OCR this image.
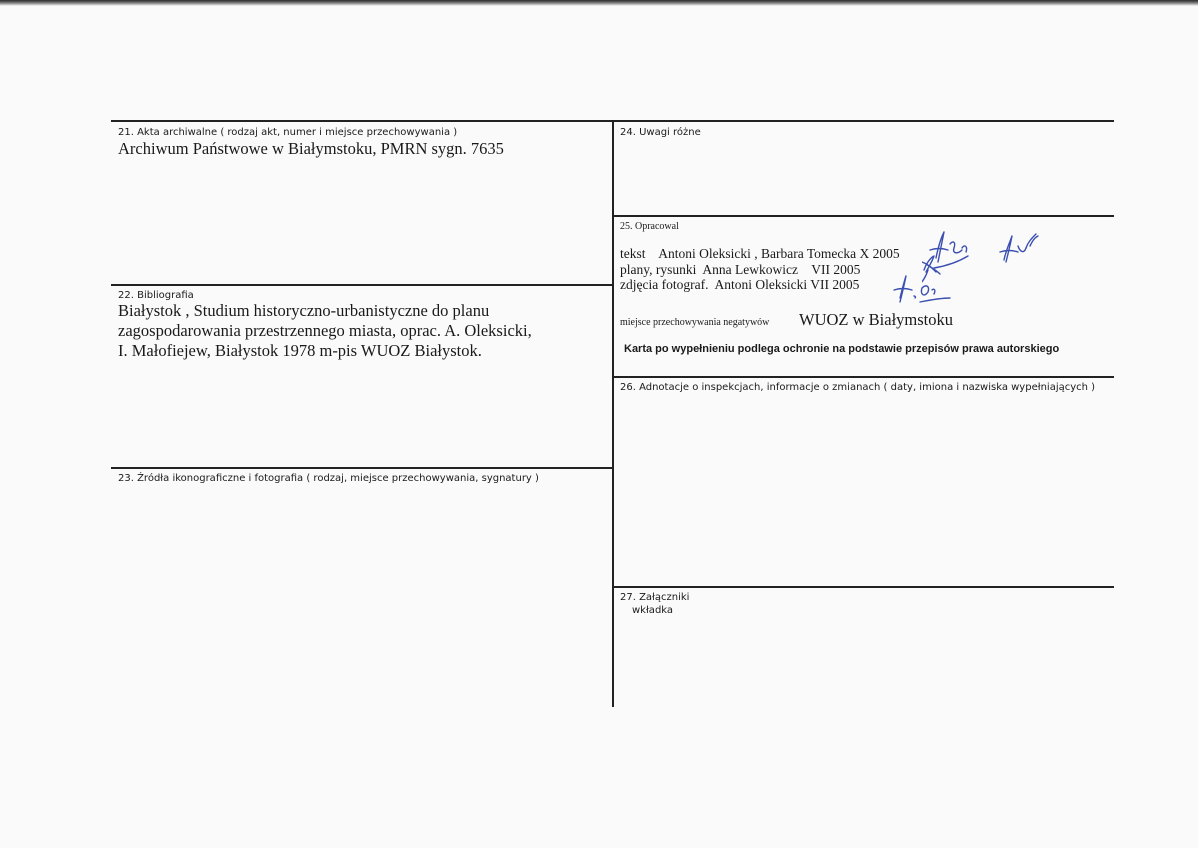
21. Akta archiwalne ( rodzaj akt, numer i miejsce przechowywania )
Archiwum Państwowe w Białymstoku, PMRN sygn. 7635
22. Bibliografia
Białystok , Studium historyczno-urbanistyczne do planu
zagospodarowania przestrzennego miasta, oprac. A. Oleksicki,
I. Małofiejew, Białystok 1978 m-pis WUOZ Białystok.
23. Źródła ikonograficzne i fotografia ( rodzaj, miejsce przechowywania, sygnatury )
24. Uwagi różne
25. Opracowal
tekst    Antoni Oleksicki , Barbara Tomecka X 2005
plany, rysunki  Anna Lewkowicz    VII 2005
zdjęcia fotograf.  Antoni Oleksicki VII 2005
miejsce przechowywania negatywów WUOZ w Białymstoku
Karta po wypełnieniu podlega ochronie na podstawie przepisów prawa autorskiego
26. Adnotacje o inspekcjach, informacje o zmianach ( daty, imiona i nazwiska wypełniających )
27. Załączniki
wkładka
